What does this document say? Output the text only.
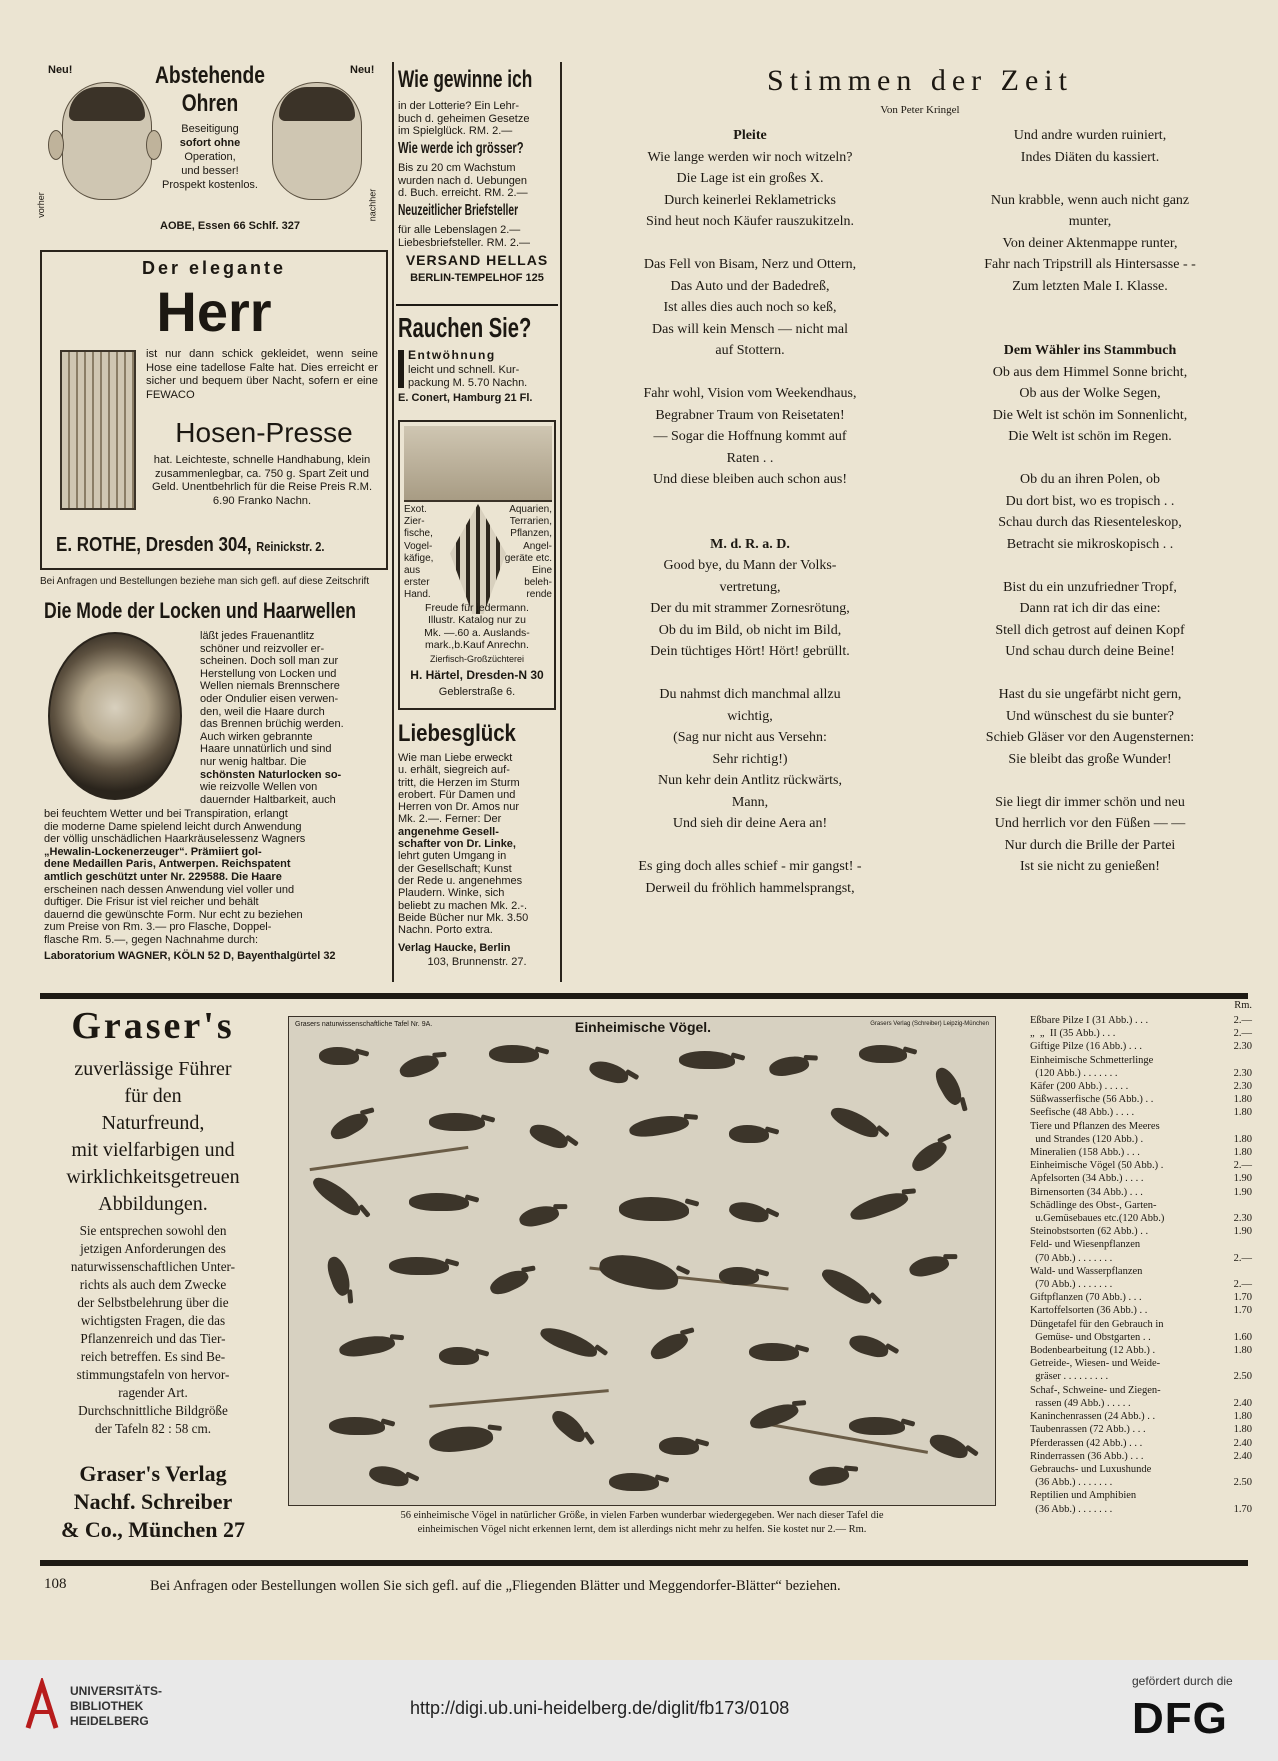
Neu!	Neu!
vorher	nachher
Abstehende
Ohren
Beseitigung
sofort ohne
Operation,
und besser!
Prospekt kostenlos.
AOBE, Essen 66 Schlf. 327
Der elegante
Herr
ist nur dann schick gekleidet, wenn seine Hose eine tadellose Falte hat. Dies erreicht er sicher und bequem über Nacht, sofern er eine FEWACO
Hosen-Presse
hat. Leichteste, schnelle Handhabung, klein zusammenlegbar, ca. 750 g. Spart Zeit und Geld. Unentbehrlich für die Reise Preis R.M. 6.90 Franko Nachn.
E. ROTHE, Dresden 304, Reinickstr. 2.
Bei Anfragen und Bestellungen beziehe man sich gefl. auf diese Zeitschrift
Die Mode der Locken und Haarwellen
läßt jedes Frauenantlitz
schöner und reizvoller er-
scheinen. Doch soll man zur
Herstellung von Locken und
Wellen niemals Brennschere
oder Ondulier eisen verwen-
den, weil die Haare durch
das Brennen brüchig werden.
Auch wirken gebrannte
Haare unnatürlich und sind
nur wenig haltbar. Die
schönsten Naturlocken so-
wie reizvolle Wellen von
dauernder Haltbarkeit, auch
bei feuchtem Wetter und bei Transpiration, erlangt
die moderne Dame spielend leicht durch Anwendung
der völlig unschädlichen Haarkräuselessenz Wagners
„Hewalin-Lockenerzeuger“. Prämiiert gol-
dene Medaillen Paris, Antwerpen. Reichspatent
amtlich geschützt unter Nr. 229588. Die Haare
erscheinen nach dessen Anwendung viel voller und
duftiger. Die Frisur ist viel reicher und behält
dauernd die gewünschte Form. Nur echt zu beziehen
zum Preise von Rm. 3.— pro Flasche, Doppel-
flasche Rm. 5.—, gegen Nachnahme durch:
Laboratorium WAGNER, KÖLN 52 D, Bayenthalgürtel 32
Wie gewinne ich
in der Lotterie? Ein Lehr-
buch d. geheimen Gesetze
im Spielglück. RM. 2.—
Wie werde ich grösser?
Bis zu 20 cm Wachstum
wurden nach d. Uebungen
d. Buch. erreicht. RM. 2.—
Neuzeitlicher Briefsteller
für alle Lebenslagen 2.—
Liebesbriefsteller. RM. 2.—
VERSAND HELLAS
BERLIN-TEMPELHOF 125
Rauchen Sie?
Entwöhnung
leicht und schnell. Kur-
packung M. 5.70 Nachn.
E. Conert, Hamburg 21 Fl.
Exot.
Zier-
fische,
Vogel-
käfige,
aus
erster
Hand.
Aquarien,
Terrarien,
Pflanzen,
Angel-
geräte etc.
Eine
beleh-
rende
Freude für jedermann.
Illustr. Katalog nur zu
Mk. —.60 a. Auslands-
mark.,b.Kauf Anrechn.
Zierfisch-Großzüchterei
H. Härtel, Dresden-N 30
Geblerstraße 6.
Liebesglück
Wie man Liebe erweckt
u. erhält, siegreich auf-
tritt, die Herzen im Sturm
erobert. Für Damen und
Herren von Dr. Amos nur
Mk. 2.—. Ferner: Der
angenehme Gesell-
schafter von Dr. Linke,
lehrt guten Umgang in
der Gesellschaft; Kunst
der Rede u. angenehmes
Plaudern. Winke, sich
beliebt zu machen Mk. 2.-.
Beide Bücher nur Mk. 3.50
Nachn. Porto extra.
Verlag Haucke, Berlin
103, Brunnenstr. 27.
Stimmen der Zeit
Von Peter Kringel
Pleite
Wie lange werden wir noch witzeln?
Die Lage ist ein großes X.
Durch keinerlei Reklametricks
Sind heut noch Käufer rauszukitzeln.

Das Fell von Bisam, Nerz und Ottern,
Das Auto und der Badedreß,
Ist alles dies auch noch so keß,
Das will kein Mensch — nicht mal
auf Stottern.

Fahr wohl, Vision vom Weekendhaus,
Begrabner Traum von Reisetaten!
— Sogar die Hoffnung kommt auf
Raten . .
Und diese bleiben auch schon aus!

M. d. R. a. D.
Good bye, du Mann der Volks-
vertretung,
Der du mit strammer Zornesrötung,
Ob du im Bild, ob nicht im Bild,
Dein tüchtiges Hört! Hört! gebrüllt.

Du nahmst dich manchmal allzu
wichtig,
(Sag nur nicht aus Versehn:
Sehr richtig!)
Nun kehr dein Antlitz rückwärts,
Mann,
Und sieh dir deine Aera an!

Es ging doch alles schief - mir gangst! -
Derweil du fröhlich hammelsprangst,
Und andre wurden ruiniert,
Indes Diäten du kassiert.

Nun krabble, wenn auch nicht ganz
munter,
Von deiner Aktenmappe runter,
Fahr nach Tripstrill als Hintersasse - -
Zum letzten Male I. Klasse.

Dem Wähler ins Stammbuch
Ob aus dem Himmel Sonne bricht,
Ob aus der Wolke Segen,
Die Welt ist schön im Sonnenlicht,
Die Welt ist schön im Regen.

Ob du an ihren Polen, ob
Du dort bist, wo es tropisch . .
Schau durch das Riesenteleskop,
Betracht sie mikroskopisch . .

Bist du ein unzufriedner Tropf,
Dann rat ich dir das eine:
Stell dich getrost auf deinen Kopf
Und schau durch deine Beine!

Hast du sie ungefärbt nicht gern,
Und wünschest du sie bunter?
Schieb Gläser vor den Augensternen:
Sie bleibt das große Wunder!

Sie liegt dir immer schön und neu
Und herrlich vor den Füßen — —
Nur durch die Brille der Partei
Ist sie nicht zu genießen!
Graser's
zuverlässige Führer
für den
Naturfreund,
mit vielfarbigen und
wirklichkeitsgetreuen
Abbildungen.
Sie entsprechen sowohl den
jetzigen Anforderungen des
naturwissenschaftlichen Unter-
richts als auch dem Zwecke
der Selbstbelehrung über die
wichtigsten Fragen, die das
Pflanzenreich und das Tier-
reich betreffen. Es sind Be-
stimmungstafeln von hervor-
ragender Art.
Durchschnittliche Bildgröße
der Tafeln 82 : 58 cm.
Graser's Verlag
Nachf. Schreiber
& Co., München 27
Grasers naturwissenschaftliche Tafel Nr. 9A.	Einheimische Vögel.	Grasers Verlag (Schreiber) Leipzig-München
56 einheimische Vögel in natürlicher Größe, in vielen Farben wunderbar wiedergegeben. Wer nach dieser Tafel die
einheimischen Vögel nicht erkennen lernt, dem ist allerdings nicht mehr zu helfen. Sie kostet nur 2.— Rm.
Rm.
Eßbare Pilze I (31 Abb.) . . .	2.—
„  „  II (35 Abb.) . . .	2.—
Giftige Pilze (16 Abb.) . . .	2.30
Einheimische Schmetterlinge
(120 Abb.) . . . . . . .	2.30
Käfer (200 Abb.) . . . . .	2.30
Süßwasserfische (56 Abb.) . .	1.80
Seefische (48 Abb.) . . . .	1.80
Tiere und Pflanzen des Meeres
und Strandes (120 Abb.) .	1.80
Mineralien (158 Abb.) . . .	1.80
Einheimische Vögel (50 Abb.) .	2.—
Apfelsorten (34 Abb.) . . . .	1.90
Birnensorten (34 Abb.) . . .	1.90
Schädlinge des Obst-, Garten-
u.Gemüsebaues etc.(120 Abb.)	2.30
Steinobstsorten (62 Abb.) . .	1.90
Feld- und Wiesenpflanzen
(70 Abb.) . . . . . . .	2.—
Wald- und Wasserpflanzen
(70 Abb.) . . . . . . .	2.—
Giftpflanzen (70 Abb.) . . .	1.70
Kartoffelsorten (36 Abb.) . .	1.70
Düngetafel für den Gebrauch in
Gemüse- und Obstgarten . .	1.60
Bodenbearbeitung (12 Abb.) .	1.80
Getreide-, Wiesen- und Weide-
gräser . . . . . . . . .	2.50
Schaf-, Schweine- und Ziegen-
rassen (49 Abb.) . . . . .	2.40
Kaninchenrassen (24 Abb.) . .	1.80
Taubenrassen (72 Abb.) . . .	1.80
Pferderassen (42 Abb.) . . .	2.40
Rinderrassen (36 Abb.) . . .	2.40
Gebrauchs- und Luxushunde
(36 Abb.) . . . . . . .	2.50
Reptilien und Amphibien
(36 Abb.) . . . . . . .	1.70
108	Bei Anfragen oder Bestellungen wollen Sie sich gefl. auf die „Fliegenden Blätter und Meggendorfer-Blätter“ beziehen.
UNIVERSITÄTS-
BIBLIOTHEK
HEIDELBERG
http://digi.ub.uni-heidelberg.de/diglit/fb173/0108
gefördert durch die
DFG
